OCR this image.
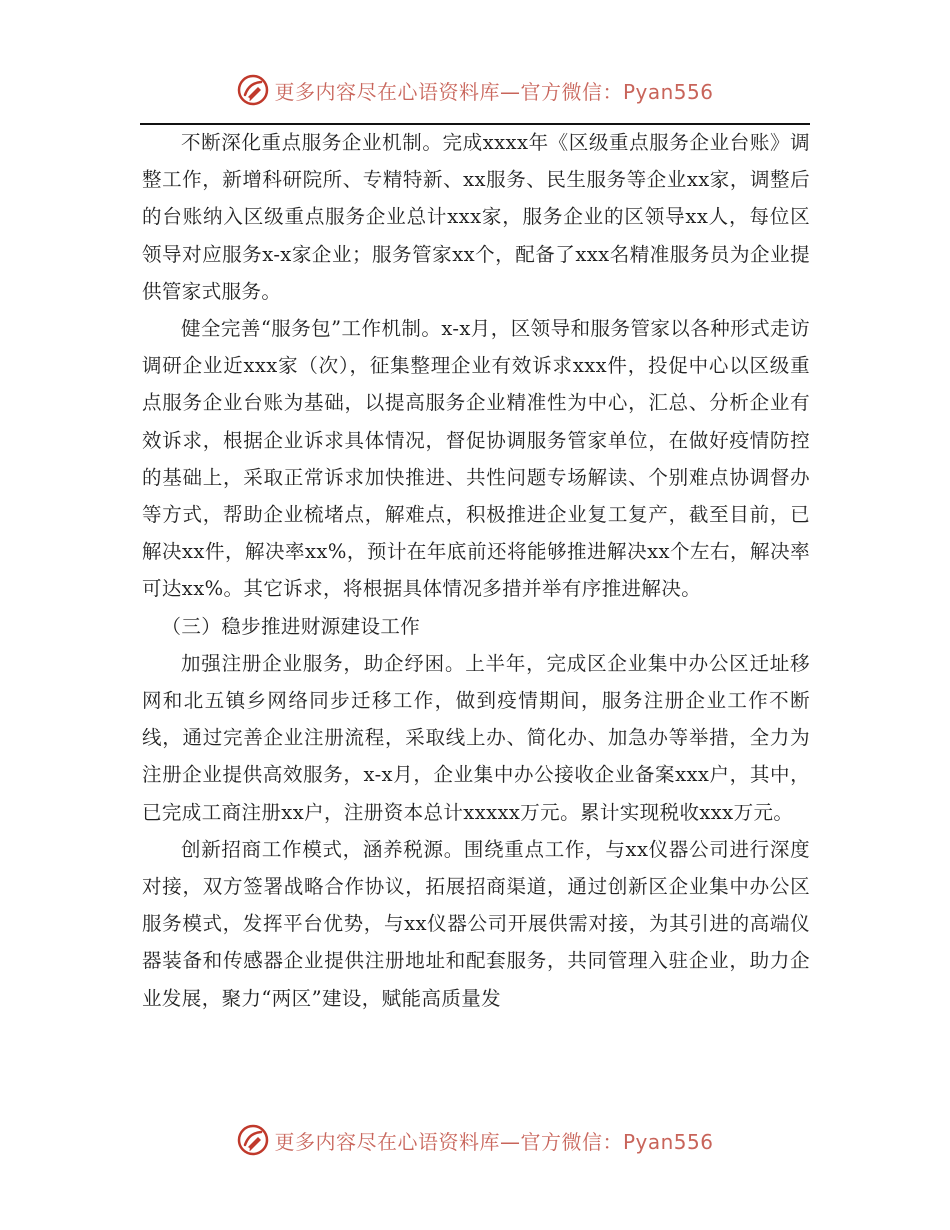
更多内容尽在心语资料库—官方微信：Pyan556

不断深化重点服务企业机制。完成xxxx年《区级重点服务企业台账》调整工作，新增科研院所、专精特新、xx服务、民生服务等企业xx家，调整后的台账纳入区级重点服务企业总计xxx家，服务企业的区领导xx人，每位区领导对应服务x-x家企业；服务管家xx个，配备了xxx名精准服务员为企业提供管家式服务。

健全完善“服务包”工作机制。x-x月，区领导和服务管家以各种形式走访调研企业近xxx家（次），征集整理企业有效诉求xxx件，投促中心以区级重点服务企业台账为基础，以提高服务企业精准性为中心，汇总、分析企业有效诉求，根据企业诉求具体情况，督促协调服务管家单位，在做好疫情防控的基础上，采取正常诉求加快推进、共性问题专场解读、个别难点协调督办等方式，帮助企业梳堵点，解难点，积极推进企业复工复产，截至目前，已解决xx件，解决率xx%，预计在年底前还将能够推进解决xx个左右，解决率可达xx%。其它诉求，将根据具体情况多措并举有序推进解决。

（三）稳步推进财源建设工作

加强注册企业服务，助企纾困。上半年，完成区企业集中办公区迁址移网和北五镇乡网络同步迁移工作，做到疫情期间，服务注册企业工作不断线，通过完善企业注册流程，采取线上办、简化办、加急办等举措，全力为注册企业提供高效服务，x-x月，企业集中办公接收企业备案xxx户，其中，已完成工商注册xx户，注册资本总计xxxxx万元。累计实现税收xxx万元。

创新招商工作模式，涵养税源。围绕重点工作，与xx仪器公司进行深度对接，双方签署战略合作协议，拓展招商渠道，通过创新区企业集中办公区服务模式，发挥平台优势，与xx仪器公司开展供需对接，为其引进的高端仪器装备和传感器企业提供注册地址和配套服务，共同管理入驻企业，助力企业发展，聚力“两区”建设，赋能高质量发

更多内容尽在心语资料库—官方微信：Pyan556
